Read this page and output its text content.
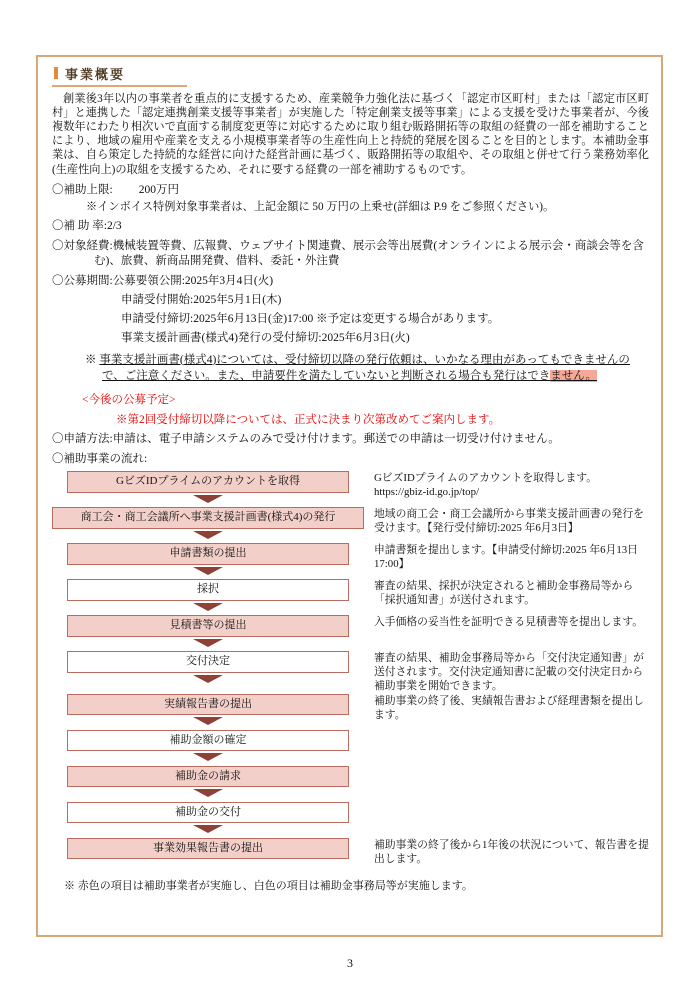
事業概要

創業後3年以内の事業者を重点的に支援するため、産業競争力強化法に基づく「認定市区町村」または「認定市区町村」と連携した「認定連携創業支援等事業者」が実施した「特定創業支援等事業」による支援を受けた事業者が、今後複数年にわたり相次いで直面する制度変更等に対応するために取り組む販路開拓等の取組の経費の一部を補助することにより、地域の雇用や産業を支える小規模事業者等の生産性向上と持続的発展を図ることを目的とします。本補助金事業は、自ら策定した持続的な経営に向けた経営計画に基づく、販路開拓等の取組や、その取組と併せて行う業務効率化(生産性向上)の取組を支援するため、それに要する経費の一部を補助するものです。

〇補助上限: 200万円
※インボイス特例対象事業者は、上記金額に 50 万円の上乗せ(詳細は P.9 をご参照ください)。
〇補 助 率:2/3
〇対象経費:機械装置等費、広報費、ウェブサイト関連費、展示会等出展費(オンラインによる展示会・商談会等を含む)、旅費、新商品開発費、借料、委託・外注費
〇公募期間:公募要領公開:2025年3月4日(火)
申請受付開始:2025年5月1日(木)
申請受付締切:2025年6月13日(金)17:00 ※予定は変更する場合があります。
事業支援計画書(様式4)発行の受付締切:2025年6月3日(火)
※ 事業支援計画書(様式4)については、受付締切以降の発行依頼は、いかなる理由があってもできませんので、ご注意ください。また、申請要件を満たしていないと判断される場合も発行はできません。
<今後の公募予定>
※第2回受付締切以降については、正式に決まり次第改めてご案内します。
〇申請方法:申請は、電子申請システムのみで受け付けます。郵送での申請は一切受け付けません。
〇補助事業の流れ:
GビズIDプライムのアカウントを取得	GビズIDプライムのアカウントを取得します。
https://gbiz-id.go.jp/top/
商工会・商工会議所へ事業支援計画書(様式4)の発行	地域の商工会・商工会議所から事業支援計画書の発行を受けます。【発行受付締切:2025 年6月3日】
申請書類の提出	申請書類を提出します。【申請受付締切:2025 年6月13日 17:00】
採択	審査の結果、採択が決定されると補助金事務局等から「採択通知書」が送付されます。
見積書等の提出	入手価格の妥当性を証明できる見積書等を提出します。
交付決定	審査の結果、補助金事務局等から「交付決定通知書」が送付されます。交付決定通知書に記載の交付決定日から補助事業を開始できます。
実績報告書の提出	補助事業の終了後、実績報告書および経理書類を提出します。
補助金額の確定
補助金の請求
補助金の交付
事業効果報告書の提出	補助事業の終了後から1年後の状況について、報告書を提出します。
※ 赤色の項目は補助事業者が実施し、白色の項目は補助金事務局等が実施します。
3
